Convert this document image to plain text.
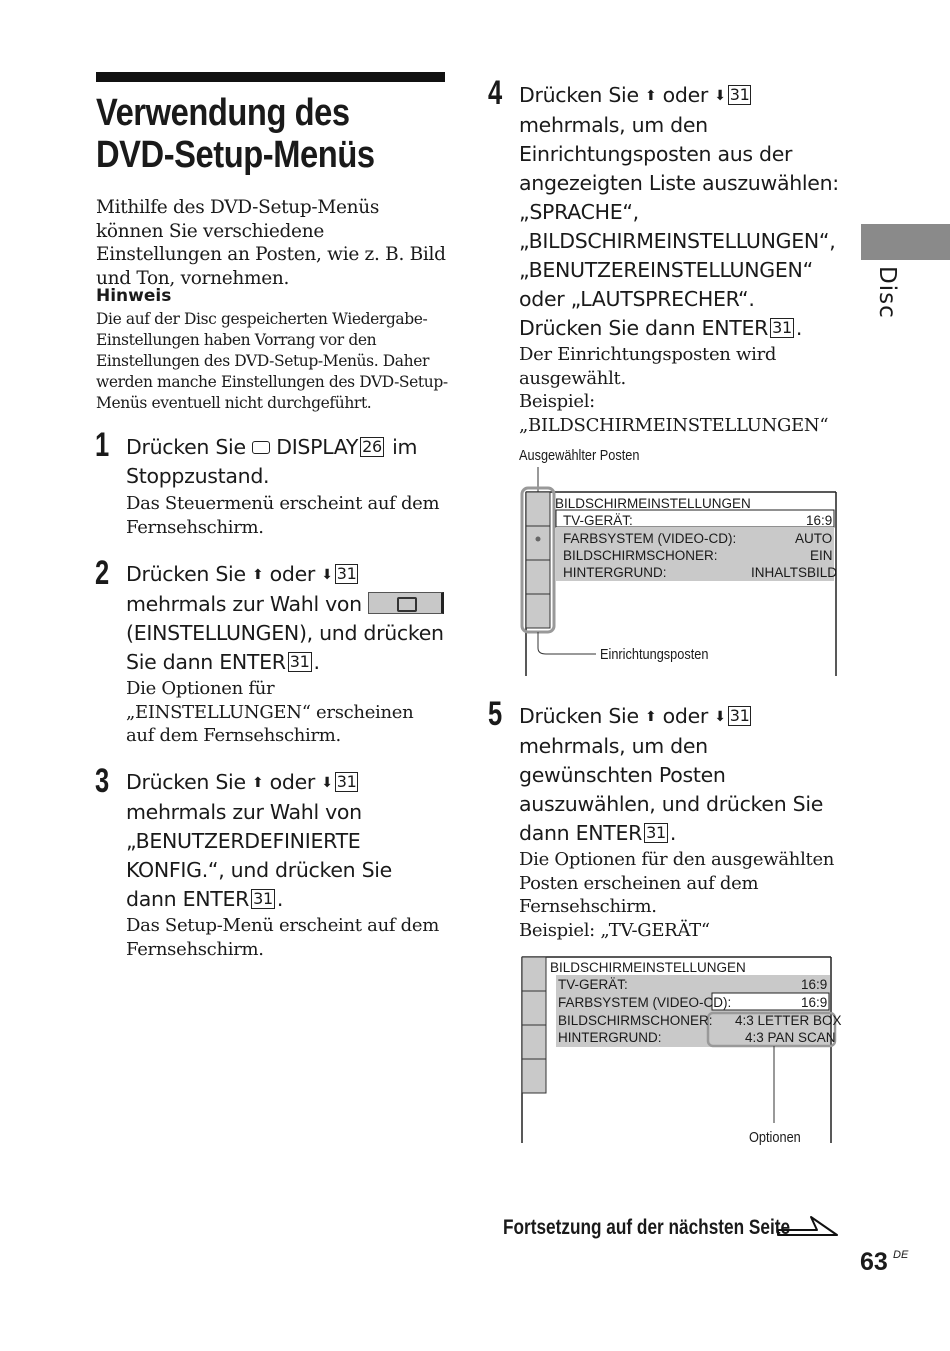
Verwendung des DVD-Setup-Menüs
Mithilfe des DVD-Setup-Menüs können Sie verschiedene Einstellungen an Posten, wie z. B. Bild und Ton, vornehmen.
Hinweis
Die auf der Disc gespeicherten Wiedergabe-Einstellungen haben Vorrang vor den Einstellungen des DVD-Setup-Menüs. Daher werden manche Einstellungen des DVD-Setup-Menüs eventuell nicht durchgeführt.
1 Drücken Sie DISPLAY 26 im Stoppzustand.
Das Steuermenü erscheint auf dem Fernsehschirm.
2 Drücken Sie ⬆ oder ⬇ 31
mehrmals zur Wahl von
(EINSTELLUNGEN), und drücken Sie dann ENTER 31 .
Die Optionen für „EINSTELLUNGEN“ erscheinen auf dem Fernsehschirm.
3 Drücken Sie ⬆ oder ⬇ 31
mehrmals zur Wahl von „BENUTZERDEFINIERTE KONFIG.“, und drücken Sie dann ENTER 31 .
Das Setup-Menü erscheint auf dem Fernsehschirm.
4 Drücken Sie ⬆ oder ⬇ 31
mehrmals, um den Einrichtungsposten aus der angezeigten Liste auszuwählen: „SPRACHE“, „BILDSCHIRMEINSTELLUNGEN“, „BENUTZEREINSTELLUNGEN“ oder „LAUTSPRECHER“. Drücken Sie dann ENTER 31 .
Der Einrichtungsposten wird ausgewählt.
Beispiel: „BILDSCHIRMEINSTELLUNGEN“
Ausgewählter Posten
BILDSCHIRMEINSTELLUNGEN
TV-GERÄT:	16:9
FARBSYSTEM (VIDEO-CD):	AUTO
BILDSCHIRMSCHONER:	EIN
HINTERGRUND:	INHALTSBILD
Einrichtungsposten
5 Drücken Sie ⬆ oder ⬇ 31
mehrmals, um den gewünschten Posten auszuwählen, und drücken Sie dann ENTER 31 .
Die Optionen für den ausgewählten Posten erscheinen auf dem Fernsehschirm.
Beispiel: „TV-GERÄT“
BILDSCHIRMEINSTELLUNGEN
TV-GERÄT:	16:9
FARBSYSTEM (VIDEO-CD):	16:9
BILDSCHIRMSCHONER: 4:3 LETTER BOX
HINTERGRUND:	4:3 PAN SCAN
Optionen
Disc
Fortsetzung auf der nächsten Seite
63 DE
